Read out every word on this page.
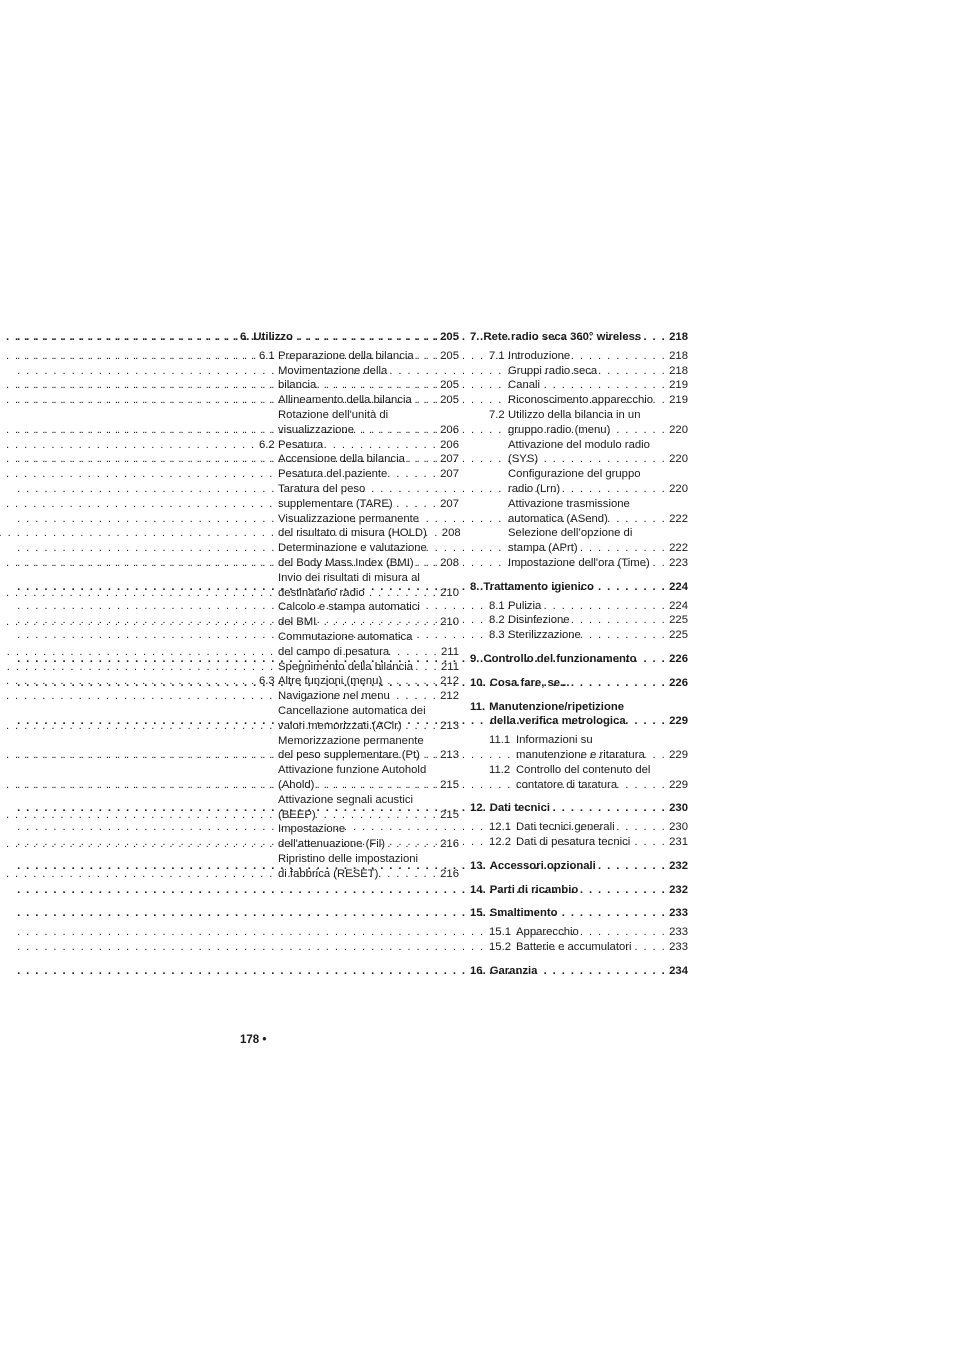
6. Utilizzo . . .	205
6.1 Preparazione della bilancia . . . 205
Movimentazione della
bilancia . . .	205
Allineamento della bilancia . . .	205
Rotazione dell'unità di
visualizzazione . . .	206
6.2 Pesatura . . .	206
Accensione della bilancia . . .	207
Pesatura del paziente . . .	207
Taratura del peso
supplementare (TARE) . . .	207
Visualizzazione permanente
del risultato di misura (HOLD) . . . 208
Determinazione e valutazione
del Body Mass Index (BMI) . . . 208
Invio dei risultati di misura al
destinatario radio . . .	210
Calcolo e stampa automatici
del BMI . . .	210
Commutazione automatica
del campo di pesatura . . .	211
Spegnimento della bilancia . . . 211
6.3 Altre funzioni (menu) . . .	212
Navigazione nel menu . . .	212
Cancellazione automatica dei
valori memorizzati (AClr) . . .	213
Memorizzazione permanente
del peso supplementare (Pt) . . . 213
Attivazione funzione Autohold
(Ahold) . . .	215
Attivazione segnali acustici
(BEEP) . . .	215
Impostazione
dell'attenuazione (Fil) . . .	216
Ripristino delle impostazioni
di fabbrica (RESET) . . .	216
7. Rete radio seca 360° wireless . . . 218
7.1 Introduzione . . .	218
Gruppi radio seca . . .	218
Canali . . .	219
Riconoscimento apparecchio . . . 219
7.2 Utilizzo della bilancia in un
gruppo radio (menu) . . .	220
Attivazione del modulo radio
(SYS) . . .	220
Configurazione del gruppo
radio (Lrn) . . .	220
Attivazione trasmissione
automatica (ASend) . . .	222
Selezione dell’opzione di
stampa (APrt) . . .	222
Impostazione dell'ora (Time) . . . 223
8. Trattamento igienico . . .	224
8.1 Pulizia . . .	224
8.2 Disinfezione . . .	225
8.3 Sterilizzazione . . .	225
9. Controllo del funzionamento . . .	226
10. Cosa fare, se... . . .	226
11. Manutenzione/ripetizione
della verifica metrologica . . .	229
11.1 Informazioni su
manutenzione e ritaratura . . . 229
11.2 Controllo del contenuto del
contatore di taratura . . .	229
12. Dati tecnici . . .	230
12.1 Dati tecnici generali . . .	230
12.2 Dati di pesatura tecnici . . .	231
13. Accessori opzionali . . .	232
14. Parti di ricambio . . .	232
15. Smaltimento . . .	233
15.1 Apparecchio . . .	233
15.2 Batterie e accumulatori . . .	233
16. Garanzia . . .	234
178 •
